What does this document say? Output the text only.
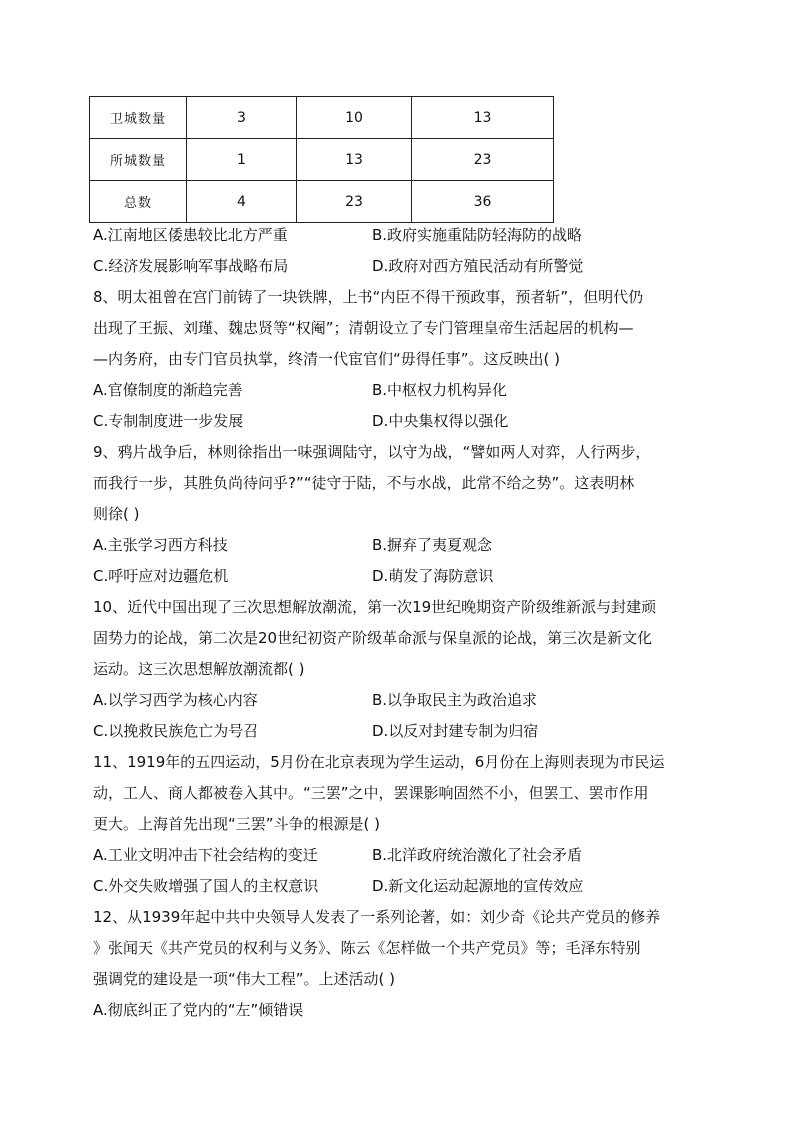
卫城数量	3	10	13
所城数量	1	13	23
总数	4	23	36
A.江南地区倭患较比北方严重	B.政府实施重陆防轻海防的战略
C.经济发展影响军事战略布局	D.政府对西方殖民活动有所警觉
8、明太祖曾在宫门前铸了一块铁牌，上书“内臣不得干预政事，预者斩”，但明代仍
出现了王振、刘瑾、魏忠贤等“权阉”；清朝设立了专门管理皇帝生活起居的机构—
—内务府，由专门官员执掌，终清一代宦官们“毋得任事”。这反映出( )
A.官僚制度的渐趋完善	B.中枢权力机构异化
C.专制制度进一步发展	D.中央集权得以强化
9、鸦片战争后，林则徐指出一味强调陆守，以守为战，“譬如两人对弈，人行两步，
而我行一步，其胜负尚待问乎?”“徒守于陆，不与水战，此常不给之势”。这表明林
则徐( )
A.主张学习西方科技	B.摒弃了夷夏观念
C.呼吁应对边疆危机	D.萌发了海防意识
10、近代中国出现了三次思想解放潮流，第一次19世纪晚期资产阶级维新派与封建顽
固势力的论战，第二次是20世纪初资产阶级革命派与保皇派的论战，第三次是新文化
运动。这三次思想解放潮流都( )
A.以学习西学为核心内容	B.以争取民主为政治追求
C.以挽救民族危亡为号召	D.以反对封建专制为归宿
11、1919年的五四运动，5月份在北京表现为学生运动，6月份在上海则表现为市民运
动，工人、商人都被卷入其中。“三罢”之中，罢课影响固然不小，但罢工、罢市作用
更大。上海首先出现“三罢”斗争的根源是( )
A.工业文明冲击下社会结构的变迁	B.北洋政府统治激化了社会矛盾
C.外交失败增强了国人的主权意识	D.新文化运动起源地的宣传效应
12、从1939年起中共中央领导人发表了一系列论著，如：刘少奇《论共产党员的修养
》张闻天《共产党员的权利与义务》、陈云《怎样做一个共产党员》等；毛泽东特别
强调党的建设是一项“伟大工程”。上述活动( )
A.彻底纠正了党内的“左”倾错误
